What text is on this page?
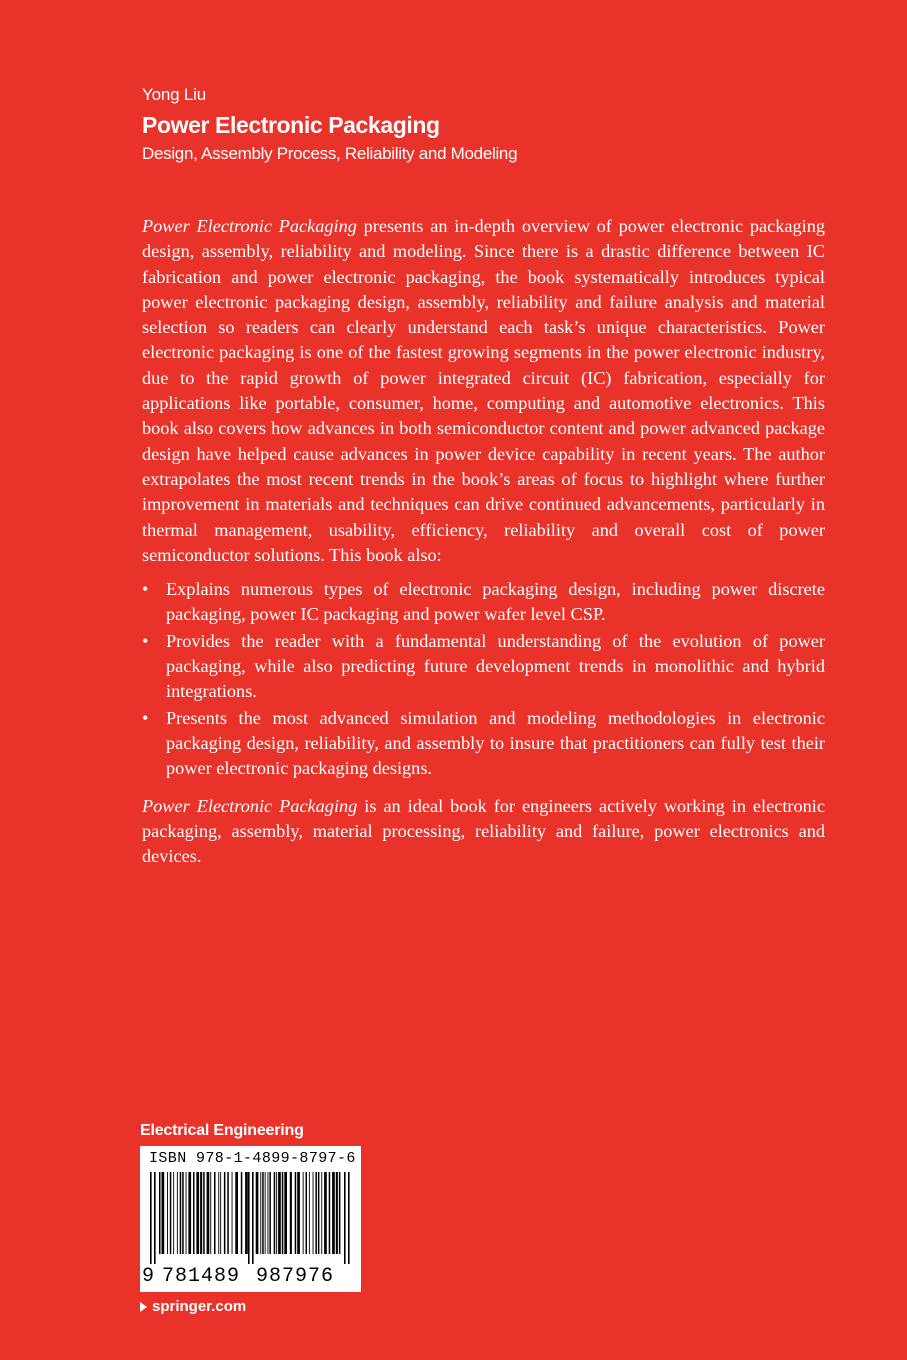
Yong Liu
Power Electronic Packaging
Design, Assembly Process, Reliability and Modeling

Power Electronic Packaging presents an in-depth overview of power electronic packaging design, assembly, reliability and modeling. Since there is a drastic difference between IC fabrication and power electronic packaging, the book systematically introduces typical power electronic packaging design, assembly, reliability and failure analysis and material selection so readers can clearly understand each task’s unique characteristics. Power electronic packaging is one of the fastest growing segments in the power electronic industry, due to the rapid growth of power integrated circuit (IC) fabrication, especially for applications like portable, consumer, home, computing and automotive electronics. This book also covers how advances in both semiconductor content and power advanced package design have helped cause advances in power device capability in recent years. The author extrapolates the most recent trends in the book’s areas of focus to highlight where further improvement in materials and techniques can drive continued advancements, particularly in thermal management, usability, efficiency, reliability and overall cost of power semiconductor solutions. This book also:

• Explains numerous types of electronic packaging design, including power discrete packaging, power IC packaging and power wafer level CSP.
• Provides the reader with a fundamental understanding of the evolution of power packaging, while also predicting future development trends in monolithic and hybrid integrations.
• Presents the most advanced simulation and modeling methodologies in electronic packaging design, reliability, and assembly to insure that practitioners can fully test their power electronic packaging designs.

Power Electronic Packaging is an ideal book for engineers actively working in electronic packaging, assembly, material processing, reliability and failure, power electronics and devices.

Electrical Engineering
ISBN 978-1-4899-8797-6
9 781489 987976
springer.com
